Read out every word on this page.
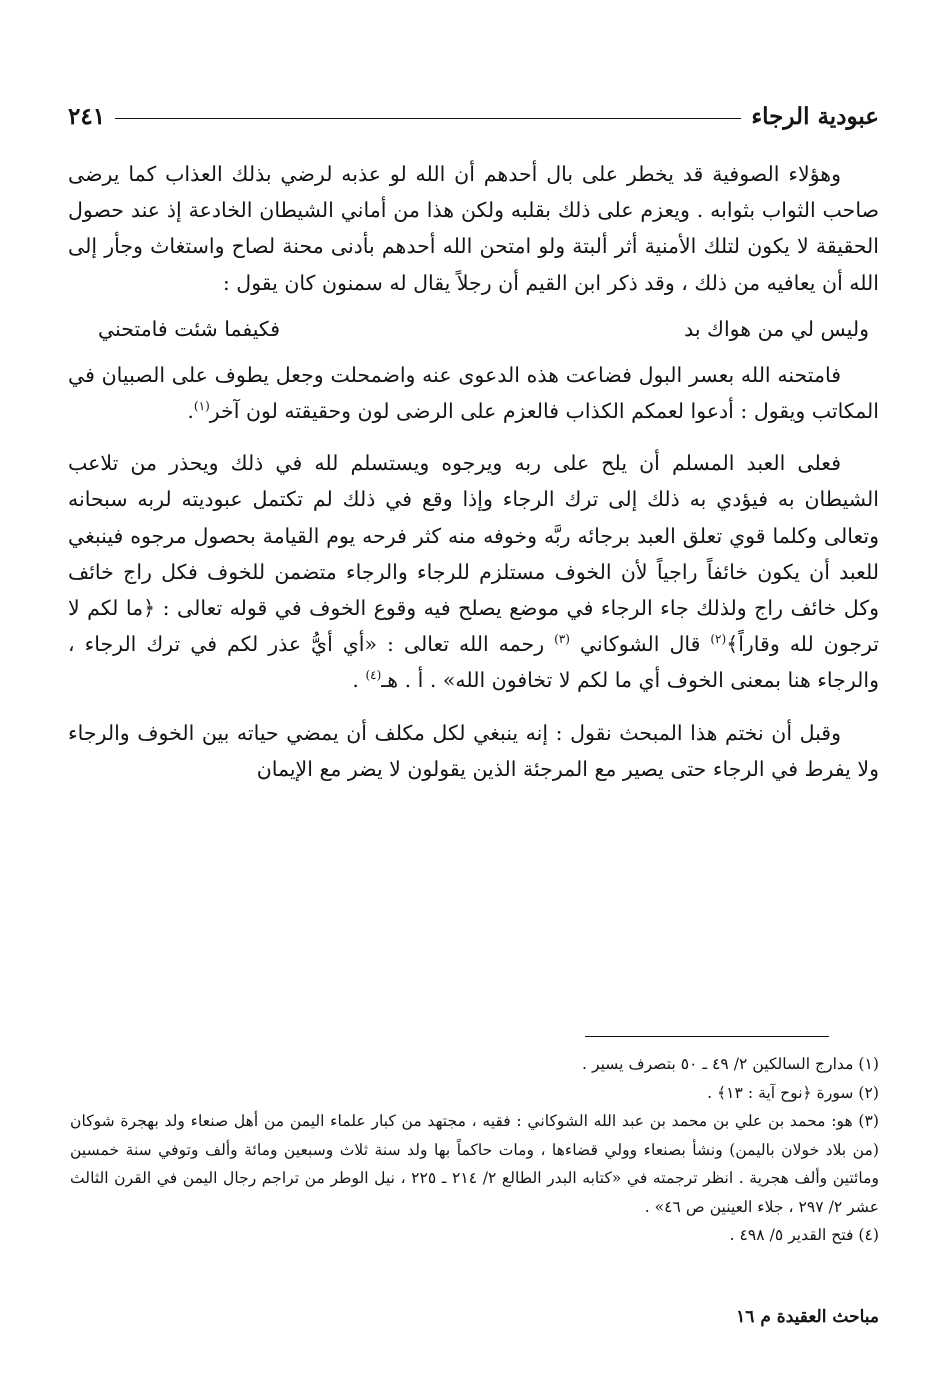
عبودية الرجاء
٢٤١

وهؤلاء الصوفية قد يخطر على بال أحدهم أن الله لو عذبه لرضي بذلك العذاب كما يرضى صاحب الثواب بثوابه . ويعزم على ذلك بقلبه ولكن هذا من أماني الشيطان الخادعة إذ عند حصول الحقيقة لا يكون لتلك الأمنية أثر ألبتة ولو امتحن الله أحدهم بأدنى محنة لصاح واستغاث وجأر إلى الله أن يعافيه من ذلك ، وقد ذكر ابن القيم أن رجلاً يقال له سمنون كان يقول :

وليس لي من هواك بد
فكيفما شئت فامتحني

فامتحنه الله بعسر البول فضاعت هذه الدعوى عنه واضمحلت وجعل يطوف على الصبيان في المكاتب ويقول : أدعوا لعمكم الكذاب فالعزم على الرضى لون وحقيقته لون آخر$^{(١)}$.

فعلى العبد المسلم أن يلح على ربه ويرجوه ويستسلم لله في ذلك ويحذر من تلاعب الشيطان به فيؤدي به ذلك إلى ترك الرجاء وإذا وقع في ذلك لم تكتمل عبوديته لربه سبحانه وتعالى وكلما قوي تعلق العبد برجائه ربَّه وخوفه منه كثر فرحه يوم القيامة بحصول مرجوه فينبغي للعبد أن يكون خائفاً راجياً لأن الخوف مستلزم للرجاء والرجاء متضمن للخوف فكل راج خائف وكل خائف راج ولذلك جاء الرجاء في موضع يصلح فيه وقوع الخوف في قوله تعالى : ﴿ما لكم لا ترجون لله وقاراً﴾$^{(٢)}$ قال الشوكاني $^{(٣)}$ رحمه الله تعالى : «أي أيُّ عذر لكم في ترك الرجاء ، والرجاء هنا بمعنى الخوف أي ما لكم لا تخافون الله» . أ . هـ$^{(٤)}$ .

وقبل أن نختم هذا المبحث نقول : إنه ينبغي لكل مكلف أن يمضي حياته بين الخوف والرجاء ولا يفرط في الرجاء حتى يصير مع المرجئة الذين يقولون لا يضر مع الإيمان

(١) مدارج السالكين ٢/ ٤٩ ـ ٥٠ بتصرف يسير .

(٢) سورة ﴿نوح آية : ١٣﴾ .

(٣) هو: محمد بن علي بن محمد بن عبد الله الشوكاني : فقيه ، مجتهد من كبار علماء اليمن من أهل صنعاء ولد بهجرة شوكان (من بلاد خولان باليمن) ونشأ بصنعاء وولي قضاءها ، ومات حاكماً بها ولد سنة ثلاث وسبعين ومائة وألف وتوفي سنة خمسين ومائتين وألف هجرية . انظر ترجمته في «كتابه البدر الطالع ٢/ ٢١٤ ـ ٢٢٥ ، نيل الوطر من تراجم رجال اليمن في القرن الثالث عشر ٢/ ٢٩٧ ، جلاء العينين ص ٤٦» .

(٤) فتح القدير ٥/ ٤٩٨ .

مباحث العقيدة م ١٦
